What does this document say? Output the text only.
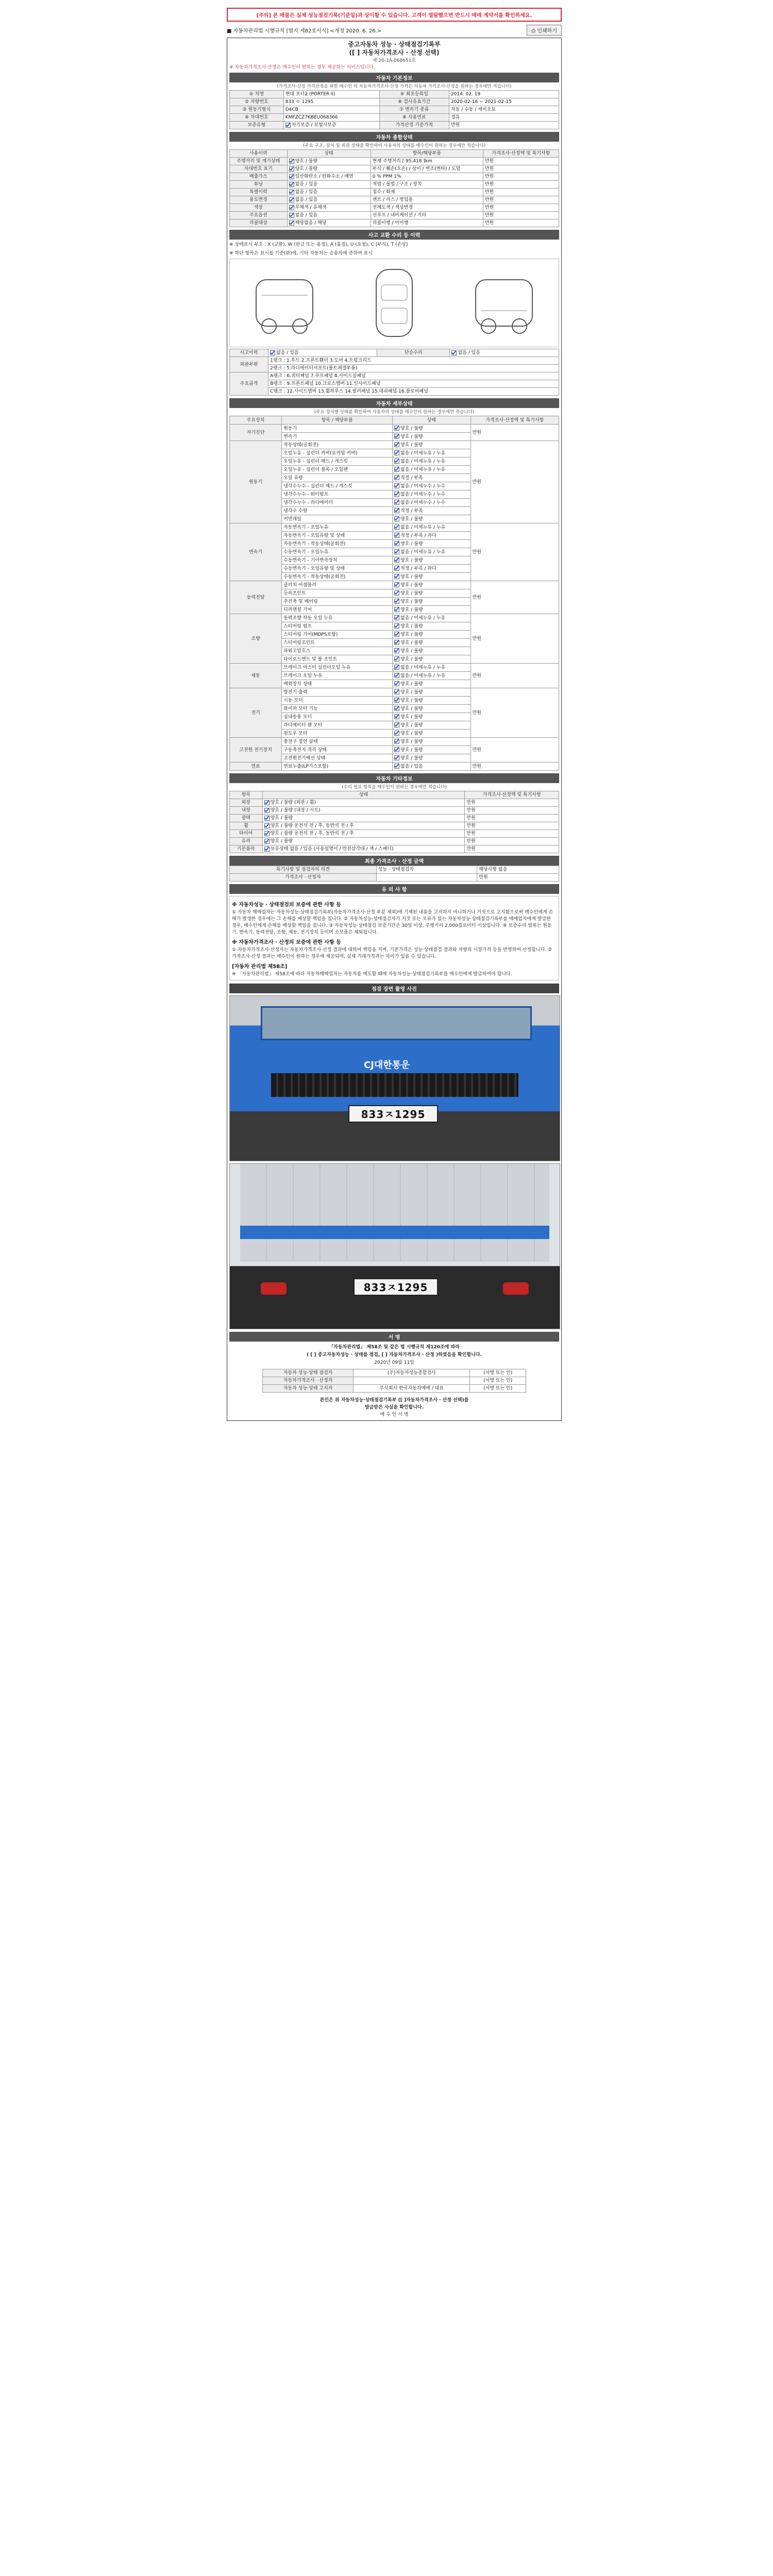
[주의] 본 매물은 실제 성능점검기록(기준일)과 상이할 수 있습니다. 고객이 열람했으면 반드시 매매 계약서를 확인하세요.
■ 자동차관리법 시행규칙 [별지 제82호서식] <개정 2020. 6. 26.>	⎙ 인쇄하기
중고자동차 성능 · 상태점검기록부
([ ] 자동차가격조사 · 산정 선택)
제 20-1A-068651호
※ 자동차가격조사·산정은 매수인이 원하는 경우 제공하는 서비스입니다.
자동차 기본정보
(가격조사·산정 가격산정을 위한 매수인 의 자동차가격조사·산정 가격은 자동차 가격조사·산정을 원하는 경우에만 적습니다)
① 차명	현대 포터2 (PORTER II)	⑤ 최초등록일	2014. 02. 19
② 차량번호	833 ㅇ 1295	⑥ 검사유효기간	2020-02-16 ~ 2021-02-15
③ 원동기형식	D4CB	⑦ 변속기 종류	자동 / 수동 / 세미오토
④ 차대번호	KMFZCZ7KBEU068366	⑧ 사용연료	경유
보증유형	자가보증 / 보험사보증	가격산정 기준가격	만원
자동차 종합상태
(주요 구조, 장치 및 외관 상태를 확인하여 사용자의 상태를 매수인이 원하는 경우에만 적습니다)
사용이력	상태	항목/해당부품	가격조사·산정액 및 특기사항
주행거리 및 계기상태	양호 / 불량	현재 주행거리 [ 95,418 ]km	만원
차대번호 표기	양호 / 불량	부식 / 훼손(오손) / 상이 / 변조(변타) / 도말	만원
배출가스	일산화탄소 / 탄화수소 / 매연	0 % PPM 1%	만원
튜닝	없음 / 있음	적법 / 불법 / 구조 / 장치	만원
특별이력	없음 / 있음	침수 / 화재	만원
용도변경	없음 / 있음	렌트 / 리스 / 영업용	만원
색상	무채색 / 유채색	전체도색 / 색상변경	만원
주요옵션	없음 / 있음	선루프 / 내비게이션 / 기타	만원
리콜대상	해당없음 / 해당	리콜이행 / 미이행	만원
사고 교환 수리 등 이력
※ 상태표시 부호 : X (교환), W (판금 또는 용접), A (흠집), U (요철), C (부식), T (손상)
※ 하단 항목은 표시를 기준(판)에, 기타 자동차는 승용차에 준하여 표시
사고이력	없음 / 있음	단순수리	없음 / 있음
외판부위	1랭크 : 1.후드 2.프론트휀더 3.도어 4.트렁크리드		
	2랭크 : 5.라디에이터서포트(볼트체결부품)		
주요골격	A랭크 : 6.쿼터패널 7.루프패널 8.사이드실패널		
	B랭크 : 9.프론트패널 10.크로스멤버 11.인사이드패널		
	C랭크 : 12.사이드멤버 13.휠하우스 14.필러패널 15.대쉬패널 16.플로어패널		
자동차 세부상태
(주요 장치별 상태를 확인하여 사용자의 상태를 매수인이 원하는 경우에만 적습니다)
주요장치	항목 / 해당부품	상태	가격조사·산정액 및 특기사항
자기진단	원동기	양호 / 불량	만원
	변속기	양호 / 불량	
원동기	작동상태(공회전)	양호 / 불량	만원
	오일누유 - 실린더 커버(로커암 커버)	없음 / 미세누유 / 누유	
	오일누유 - 실린더 헤드 / 개스킷	없음 / 미세누유 / 누유	
	오일누유 - 실린더 블록 / 오일팬	없음 / 미세누유 / 누유	
	오일 유량	적정 / 부족	
	냉각수누수 - 실린더 헤드 / 개스킷	없음 / 미세누수 / 누수	
	냉각수누수 - 워터펌프	없음 / 미세누수 / 누수	
	냉각수누수 - 라디에이터	없음 / 미세누수 / 누수	
	냉각수 수량	적정 / 부족	
	커먼레일	양호 / 불량	
변속기	자동변속기 - 오일누유	없음 / 미세누유 / 누유	만원
	자동변속기 - 오일유량 및 상태	적정 / 부족 / 과다	
	자동변속기 - 작동상태(공회전)	양호 / 불량	
	수동변속기 - 오일누유	없음 / 미세누유 / 누유	
	수동변속기 - 기어변속장치	양호 / 불량	
	수동변속기 - 오일유량 및 상태	적정 / 부족 / 과다	
	수동변속기 - 작동상태(공회전)	양호 / 불량	
동력전달	클러치 어셈블리	양호 / 불량	만원
	등속조인트	양호 / 불량	
	추진축 및 베어링	양호 / 불량	
	디퍼렌셜 기어	양호 / 불량	
조향	동력조향 작동 오일 누유	없음 / 미세누유 / 누유	만원
	스티어링 펌프	양호 / 불량	
	스티어링 기어(MDPS포함)	양호 / 불량	
	스티어링조인트	양호 / 불량	
	파워고압호스	양호 / 불량	
	타이로드엔드 및 볼 조인트	양호 / 불량	
제동	브레이크 마스터 실린더오일 누유	없음 / 미세누유 / 누유	만원
	브레이크 오일 누유	없음 / 미세누유 / 누유	
	배력장치 상태	양호 / 불량	
전기	발전기 출력	양호 / 불량	만원
	시동 모터	양호 / 불량	
	와이퍼 모터 기능	양호 / 불량	
	실내송풍 모터	양호 / 불량	
	라디에이터 팬 모터	양호 / 불량	
	윈도우 모터	양호 / 불량	
고전원 전기장치	충전구 절연 상태	양호 / 불량	만원
	구동축전지 격리 상태	양호 / 불량	
	고전원전기배선 상태	양호 / 불량	
연료	연료누출(LP가스포함)	없음 / 있음	만원
자동차 기타정보
(수리 필요 항목을 매수인이 원하는 경우에만 적습니다)
항목	상태	가격조사·산정액 및 특기사항
외장	양호 / 불량 (외판 / 휠)	만원
내장	양호 / 불량 (내장 / 시트)	만원
광택	양호 / 불량	만원
휠	양호 / 불량 운전석 전 / 후, 동반석 전 / 후	만원
타이어	양호 / 불량 운전석 전 / 후, 동반석 전 / 후	만원
유리	양호 / 불량	만원
기본품목	보유상태 없음 / 있음 (사용설명서 / 안전삼각대 / 잭 / 스패너)	만원
최종 가격조사 · 산정 금액
특기사항 및 점검자의 의견	성능 · 상태점검자	해당사항 없음
가격조사 · 산정자		만원
유 의 사 항
※ 자동차성능 · 상태점검의 보증에 관한 사항 등
① 자동차 매매업자는 자동차성능·상태점검기록부(자동차가격조사·산정 부분 제외)에 기재된 내용을 고지하지 아니하거나 거짓으로 고지함으로써 매수인에게 손해가 발생한 경우에는 그 손해를 배상할 책임을 집니다. ② 자동차성능·상태점검자가 거짓 또는 오류가 있는 자동차성능·상태점검기록부를 매매업자에게 발급한 경우, 매수인에게 손해를 배상할 책임을 집니다. ③ 자동차성능·상태점검 보증기간은 30일 이상, 주행거리 2,000킬로미터 이상입니다. ④ 보증수리 범위는 원동기, 변속기, 동력전달, 조향, 제동, 전기장치 등이며 소모품은 제외됩니다.
※ 자동차가격조사 · 산정의 보증에 관한 사항 등
① 자동차가격조사·산정자는 자동차가격조사·산정 결과에 대하여 책임을 지며, 기준가격은 성능·상태점검 결과와 차량의 시장가격 등을 반영하여 산정합니다. ② 가격조사·산정 결과는 매수인이 원하는 경우에 제공되며, 실제 거래가격과는 차이가 있을 수 있습니다.
[자동차 관리법 제58조]
※ 「자동차관리법」 제58조에 따라 자동차매매업자는 자동차를 매도할 때에 자동차성능·상태점검기록부를 매수인에게 발급하여야 합니다.
점검 장면 촬영 사진
CJ대한통운
833ㅈ1295
833ㅈ1295
서 명
「자동차관리법」 제58조 및 같은 법 시행규칙 제120조에 따라
( [ ] 중고자동차성능 · 상태를 점검, [ ] 자동차가격조사 · 산정 )하였음을 확인합니다.
2020년 09월 11일
자동차 성능·상태 점검자	(주)자동차성능종합검사	(서명 또는 인)
자동차가격조사 · 산정자		(서명 또는 인)
자동차 성능·상태 고지자	주식회사 한국자동차매매 / 대표	(서명 또는 인)
본인은 위 자동차성능·상태점검기록부 ([ ]자동차가격조사 · 산정 선택)를
발급받은 사실을 확인합니다.
매 수 인 서 명
